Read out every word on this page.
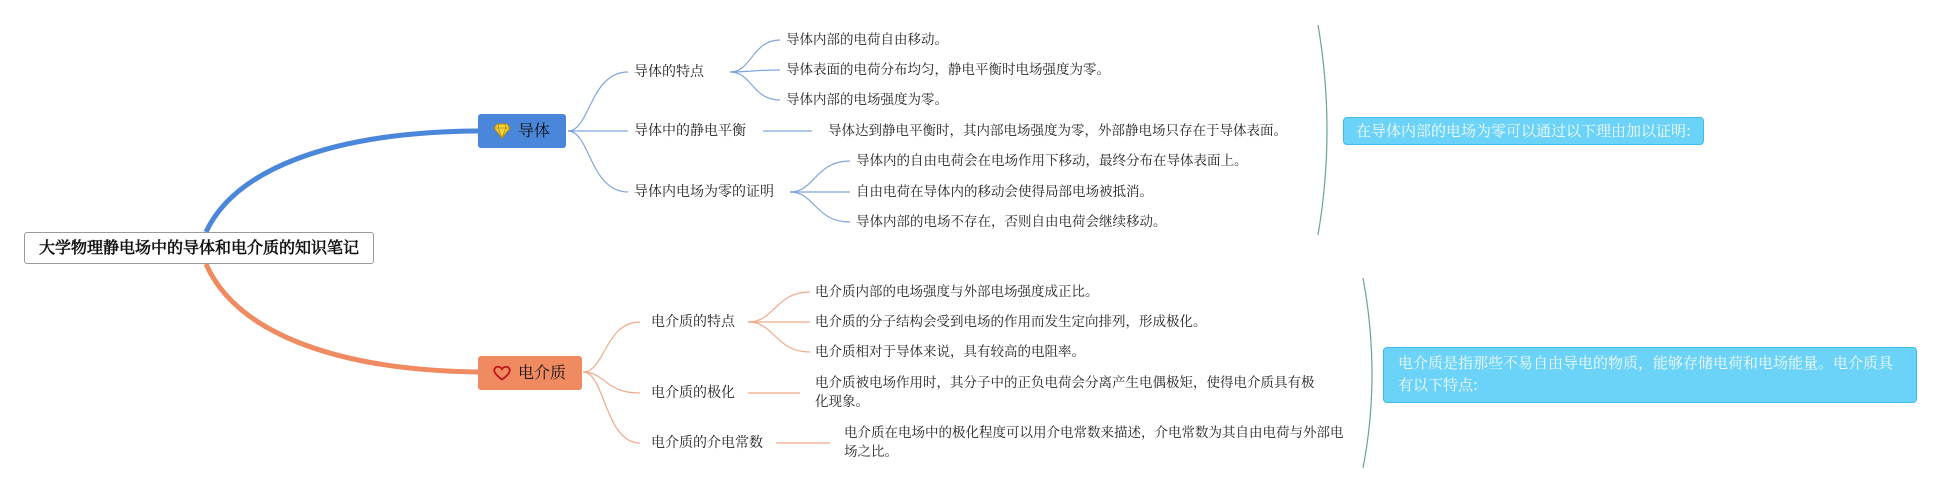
大学物理静电场中的导体和电介质的知识笔记
导体
电介质
导体的特点
导体中的静电平衡
导体内电场为零的证明
导体内部的电荷自由移动。
导体表面的电荷分布均匀，静电平衡时电场强度为零。
导体内部的电场强度为零。
导体达到静电平衡时，其内部电场强度为零，外部静电场只存在于导体表面。
导体内的自由电荷会在电场作用下移动，最终分布在导体表面上。
自由电荷在导体内的移动会使得局部电场被抵消。
导体内部的电场不存在，否则自由电荷会继续移动。
电介质的特点
电介质的极化
电介质的介电常数
电介质内部的电场强度与外部电场强度成正比。
电介质的分子结构会受到电场的作用而发生定向排列，形成极化。
电介质相对于导体来说，具有较高的电阻率。
电介质被电场作用时，其分子中的正负电荷会分离产生电偶极矩，使得电介质具有极化现象。
电介质在电场中的极化程度可以用介电常数来描述，介电常数为其自由电荷与外部电场之比。
在导体内部的电场为零可以通过以下理由加以证明:
电介质是指那些不易自由导电的物质，能够存储电荷和电场能量。电介质具有以下特点:
